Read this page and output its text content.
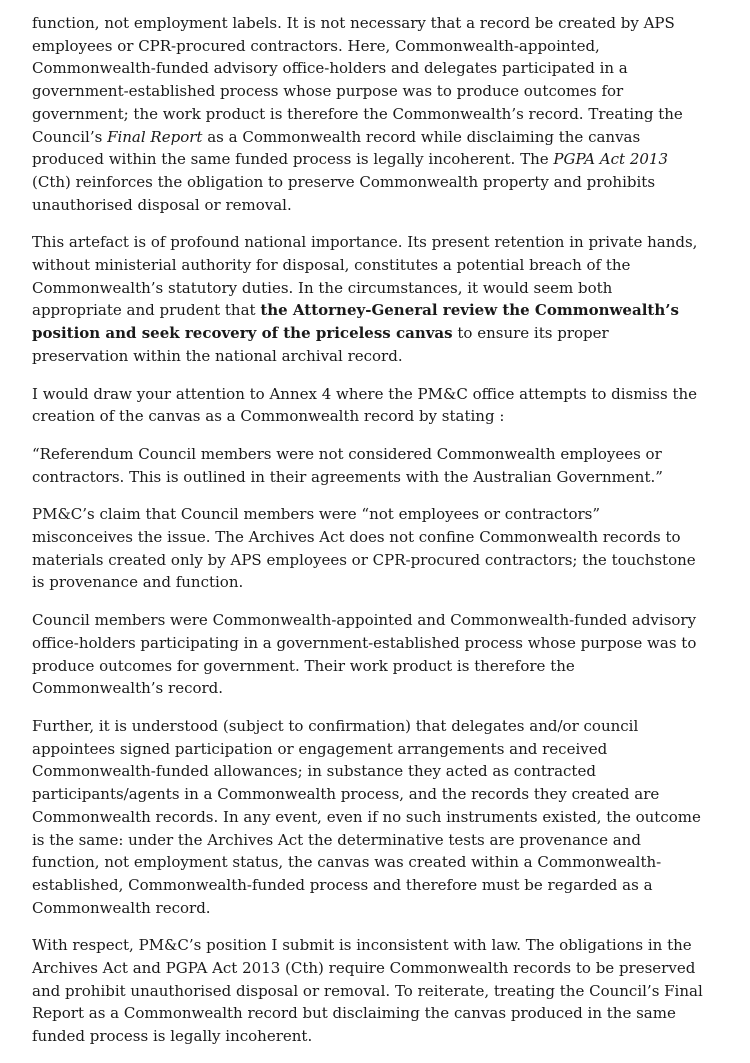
function, not employment labels. It is not necessary that a record be created by APS employees or CPR-procured contractors. Here, Commonwealth-appointed, Commonwealth-funded advisory office-holders and delegates participated in a government-established process whose purpose was to produce outcomes for government; the work product is therefore the Commonwealth’s record. Treating the Council’s Final Report as a Commonwealth record while disclaiming the canvas produced within the same funded process is legally incoherent. The PGPA Act 2013 (Cth) reinforces the obligation to preserve Commonwealth property and prohibits unauthorised disposal or removal.

This artefact is of profound national importance. Its present retention in private hands, without ministerial authority for disposal, constitutes a potential breach of the Commonwealth’s statutory duties. In the circumstances, it would seem both appropriate and prudent that the Attorney-General review the Commonwealth’s position and seek recovery of the priceless canvas to ensure its proper preservation within the national archival record.

I would draw your attention to Annex 4 where the PM&C office attempts to dismiss the creation of the canvas as a Commonwealth record by stating :

“Referendum Council members were not considered Commonwealth employees or contractors. This is outlined in their agreements with the Australian Government.”

PM&C’s claim that Council members were “not employees or contractors” misconceives the issue. The Archives Act does not confine Commonwealth records to materials created only by APS employees or CPR-procured contractors; the touchstone is provenance and function.

Council members were Commonwealth-appointed and Commonwealth-funded advisory office-holders participating in a government-established process whose purpose was to produce outcomes for government. Their work product is therefore the Commonwealth’s record.

Further, it is understood (subject to confirmation) that delegates and/or council appointees signed participation or engagement arrangements and received Commonwealth-funded allowances; in substance they acted as contracted participants/agents in a Commonwealth process, and the records they created are Commonwealth records. In any event, even if no such instruments existed, the outcome is the same: under the Archives Act the determinative tests are provenance and function, not employment status, the canvas was created within a Commonwealth-established, Commonwealth-funded process and therefore must be regarded as a Commonwealth record.

With respect, PM&C’s position I submit is inconsistent with law. The obligations in the Archives Act and PGPA Act 2013 (Cth) require Commonwealth records to be preserved and prohibit unauthorised disposal or removal. To reiterate, treating the Council’s Final Report as a Commonwealth record but disclaiming the canvas produced in the same funded process is legally incoherent.
